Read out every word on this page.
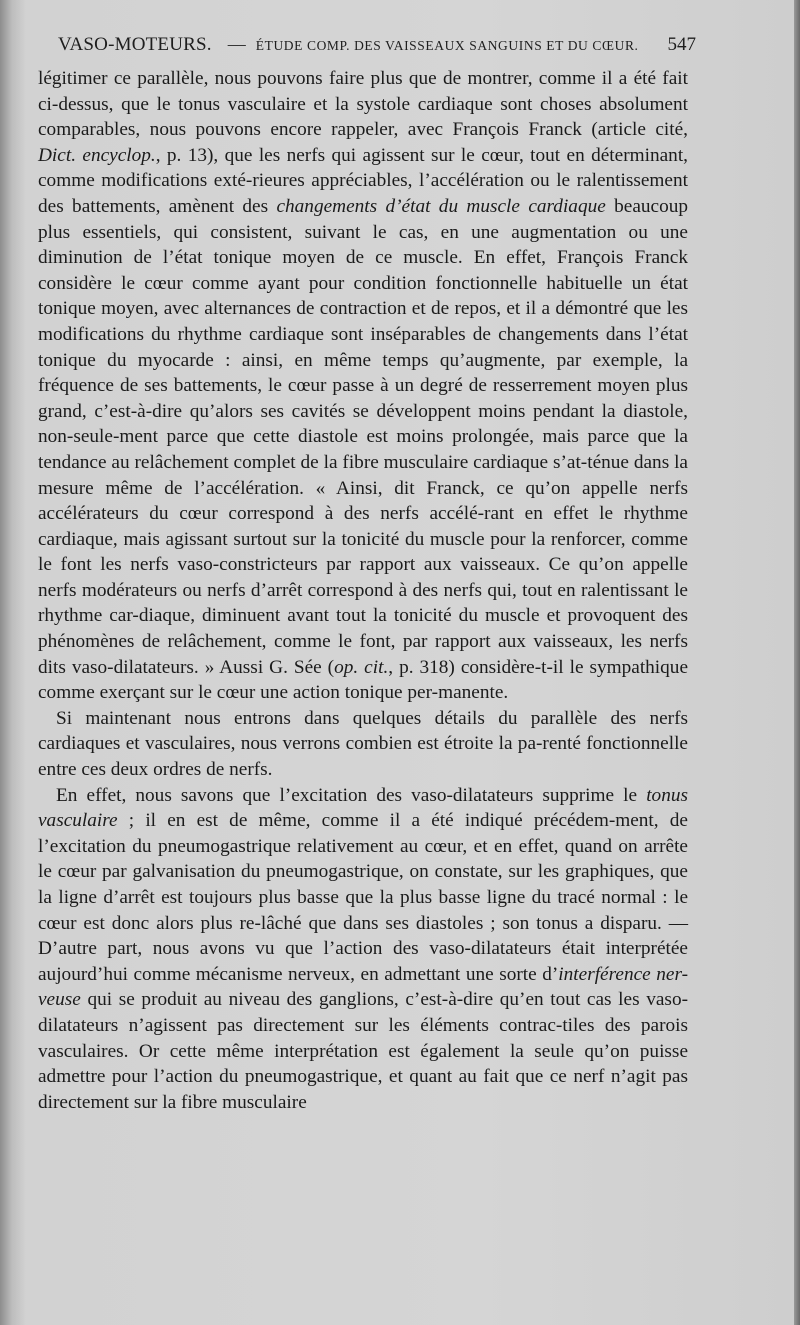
VASO-MOTEURS. — ÉTUDE COMP. DES VAISSEAUX SANGUINS ET DU CŒUR. 547

légitimer ce parallèle, nous pouvons faire plus que de montrer, comme il a été fait ci-dessus, que le tonus vasculaire et la systole cardiaque sont choses absolument comparables, nous pouvons encore rappeler, avec François Franck (article cité, Dict. encyclop., p. 13), que les nerfs qui agissent sur le cœur, tout en déterminant, comme modifications exté-rieures appréciables, l’accélération ou le ralentissement des battements, amènent des changements d’état du muscle cardiaque beaucoup plus essentiels, qui consistent, suivant le cas, en une augmentation ou une diminution de l’état tonique moyen de ce muscle. En effet, François Franck considère le cœur comme ayant pour condition fonctionnelle habituelle un état tonique moyen, avec alternances de contraction et de repos, et il a démontré que les modifications du rhythme cardiaque sont inséparables de changements dans l’état tonique du myocarde : ainsi, en même temps qu’augmente, par exemple, la fréquence de ses battements, le cœur passe à un degré de resserrement moyen plus grand, c’est-à-dire qu’alors ses cavités se développent moins pendant la diastole, non-seule-ment parce que cette diastole est moins prolongée, mais parce que la tendance au relâchement complet de la fibre musculaire cardiaque s’at-ténue dans la mesure même de l’accélération. « Ainsi, dit Franck, ce qu’on appelle nerfs accélérateurs du cœur correspond à des nerfs accélé-rant en effet le rhythme cardiaque, mais agissant surtout sur la tonicité du muscle pour la renforcer, comme le font les nerfs vaso-constricteurs par rapport aux vaisseaux. Ce qu’on appelle nerfs modérateurs ou nerfs d’arrêt correspond à des nerfs qui, tout en ralentissant le rhythme car-diaque, diminuent avant tout la tonicité du muscle et provoquent des phénomènes de relâchement, comme le font, par rapport aux vaisseaux, les nerfs dits vaso-dilatateurs. » Aussi G. Sée (op. cit., p. 318) considère-t-il le sympathique comme exerçant sur le cœur une action tonique per-manente.

Si maintenant nous entrons dans quelques détails du parallèle des nerfs cardiaques et vasculaires, nous verrons combien est étroite la pa-renté fonctionnelle entre ces deux ordres de nerfs.

En effet, nous savons que l’excitation des vaso-dilatateurs supprime le tonus vasculaire ; il en est de même, comme il a été indiqué précédem-ment, de l’excitation du pneumogastrique relativement au cœur, et en effet, quand on arrête le cœur par galvanisation du pneumogastrique, on constate, sur les graphiques, que la ligne d’arrêt est toujours plus basse que la plus basse ligne du tracé normal : le cœur est donc alors plus re-lâché que dans ses diastoles ; son tonus a disparu. — D’autre part, nous avons vu que l’action des vaso-dilatateurs était interprétée aujourd’hui comme mécanisme nerveux, en admettant une sorte d’interférence ner-veuse qui se produit au niveau des ganglions, c’est-à-dire qu’en tout cas les vaso-dilatateurs n’agissent pas directement sur les éléments contrac-tiles des parois vasculaires. Or cette même interprétation est également la seule qu’on puisse admettre pour l’action du pneumogastrique, et quant au fait que ce nerf n’agit pas directement sur la fibre musculaire
